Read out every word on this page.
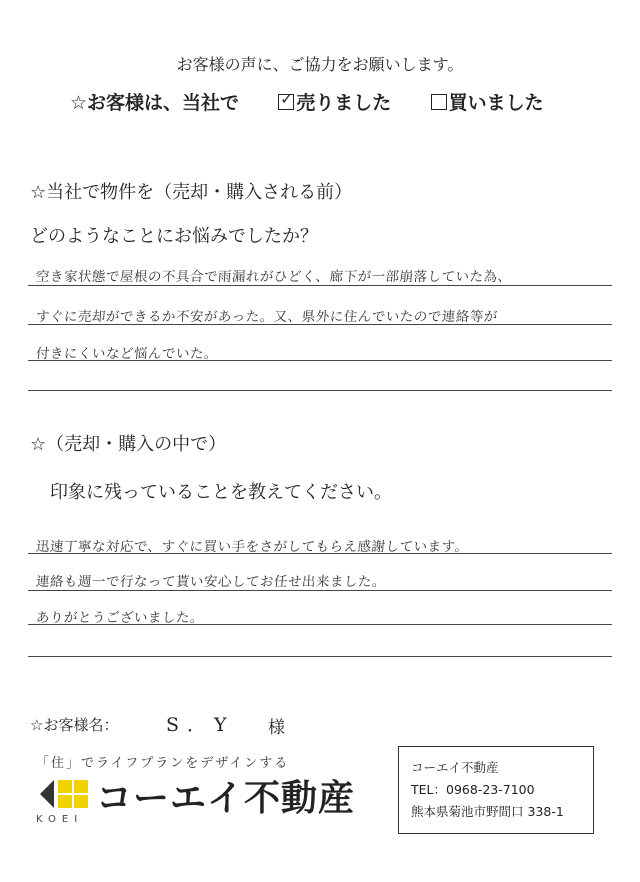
お客様の声に、ご協力をお願いします。
☆お客様は、当社で  ✓	売りました	買いました
☆当社で物件を（売却・購入される前）
どのようなことにお悩みでしたか？
空き家状態で屋根の不具合で雨漏れがひどく、廊下が一部崩落していた為、
すぐに売却ができるか不安があった。又、県外に住んでいたので連絡等が
付きにくいなど悩んでいた。
☆（売却・購入の中で）
印象に残っていることを教えてください。
迅速丁寧な対応で、すぐに買い手をさがしてもらえ感謝しています。
連絡も週一で行なって貰い安心してお任せ出来ました。
ありがとうございました。
☆お客様名：	S．Y 様
「住」でライフプランをデザインする
KOEI
コーエイ不動産
コーエイ不動産
TEL：0968-23-7100
熊本県菊池市野間口 338-1
